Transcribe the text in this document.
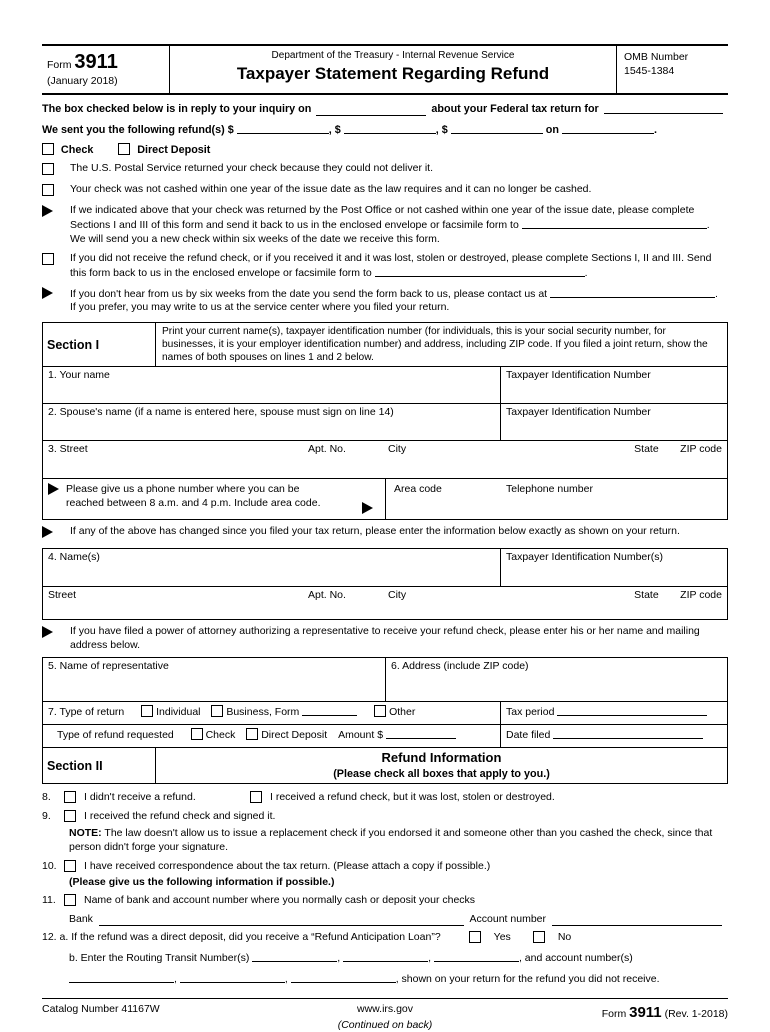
Form 3911
(January 2018)
Department of the Treasury - Internal Revenue Service
Taxpayer Statement Regarding Refund
OMB Number
1545-1384
The box checked below is in reply to your inquiry on	about your Federal tax return for
We sent you the following refund(s) $	, $	, $	on	.
Check	Direct Deposit
The U.S. Postal Service returned your check because they could not deliver it.
Your check was not cashed within one year of the issue date as the law requires and it can no longer be cashed.
If we indicated above that your check was returned by the Post Office or not cashed within one year of the issue date, please complete Sections I and III of this form and send it back to us in the enclosed envelope or facsimile form to	.
We will send you a new check within six weeks of the date we receive this form.
If you did not receive the refund check, or if you received it and it was lost, stolen or destroyed, please complete Sections I, II and III. Send this form back to us in the enclosed envelope or facsimile form to	.
If you don't hear from us by six weeks from the date you send the form back to us, please contact us at	.
If you prefer, you may write to us at the service center where you filed your return.
Section I
Print your current name(s), taxpayer identification number (for individuals, this is your social security number, for businesses, it is your employer identification number) and address, including ZIP code. If you filed a joint return, show the names of both spouses on lines 1 and 2 below.
1. Your name	Taxpayer Identification Number
2. Spouse's name (if a name is entered here, spouse must sign on line 14)	Taxpayer Identification Number
3. Street	Apt. No.	City	State	ZIP code
Please give us a phone number where you can be reached between 8 a.m. and 4 p.m. Include area code.
Area code	Telephone number
If any of the above has changed since you filed your tax return, please enter the information below exactly as shown on your return.
4. Name(s)	Taxpayer Identification Number(s)
Street	Apt. No.	City	State	ZIP code
If you have filed a power of attorney authorizing a representative to receive your refund check, please enter his or her name and mailing address below.
5. Name of representative	6. Address (include ZIP code)
7. Type of return	Individual Business, Form	Other	Tax period
Type of refund requested	Check Direct Deposit Amount $	Date filed
Section II
Refund Information
(Please check all boxes that apply to you.)
8.	I didn't receive a refund.	I received a refund check, but it was lost, stolen or destroyed.
9.	I received the refund check and signed it.
NOTE: The law doesn't allow us to issue a replacement check if you endorsed it and someone other than you cashed the check, since that person didn't forge your signature.
10.	I have received correspondence about the tax return. (Please attach a copy if possible.)
(Please give us the following information if possible.)
11.	Name of bank and account number where you normally cash or deposit your checks
Bank	Account number
12. a. If the refund was a direct deposit, did you receive a “Refund Anticipation Loan”?	Yes	No
b. Enter the Routing Transit Number(s)	,	,	, and account number(s)
,	,	, shown on your return for the refund you did not receive.
Catalog Number 41167W	www.irs.gov
(Continued on back)
Form 3911 (Rev. 1-2018)
